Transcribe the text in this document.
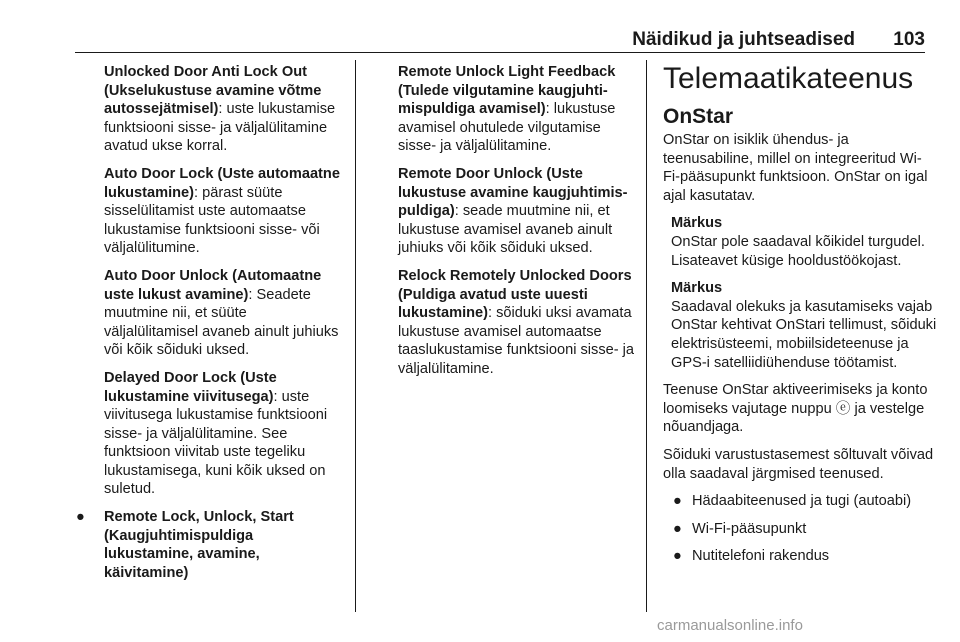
Näidikud ja juhtseadised 103

Unlocked Door Anti Lock Out (Ukselukustuse avamine võtme autossejätmisel): uste lukustamise funktsiooni sisse- ja väljalülitamine avatud ukse korral.

Auto Door Lock (Uste automaatne lukustamine): pärast süüte sisselülitamist uste automaatse lukustamise funktsiooni sisse- või väljalülitumine.

Auto Door Unlock (Automaatne uste lukust avamine): Seadete muutmine nii, et süüte väljalülitamisel avaneb ainult juhiuks või kõik sõiduki uksed.

Delayed Door Lock (Uste lukustamine viivitusega): uste viivitusega lukustamise funktsiooni sisse- ja väljalülitamine. See funktsioon viivitab uste tegeliku lukustamisega, kuni kõik uksed on suletud.

● Remote Lock, Unlock, Start (Kaugjuhtimispuldiga lukustamine, avamine, käivitamine)

Remote Unlock Light Feedback (Tulede vilgutamine kaugjuhtimispuldiga avamisel): lukustuse avamisel ohutulede vilgutamise sisse- ja väljalülitamine.

Remote Door Unlock (Uste lukustuse avamine kaugjuhtimispuldiga): seade muutmine nii, et lukustuse avamisel avaneb ainult juhiuks või kõik sõiduki uksed.

Relock Remotely Unlocked Doors (Puldiga avatud uste uuesti lukustamine): sõiduki uksi avamata lukustuse avamisel automaatse taaslukustamise funktsiooni sisse- ja väljalülitamine.

Telemaatikateenus
OnStar

OnStar on isiklik ühendus- ja teenusabiline, millel on integreeritud Wi-Fi-pääsupunkt funktsioon. OnStar on igal ajal kasutatav.

Märkus
OnStar pole saadaval kõikidel turgudel. Lisateavet küsige hooldustöökojast.
Märkus
Saadaval olekuks ja kasutamiseks vajab OnStar kehtivat OnStari tellimust, sõiduki elektrisüsteemi, mobiilsideteenuse ja GPS-i satelliidiühenduse töötamist.

Teenuse OnStar aktiveerimiseks ja konto loomiseks vajutage nuppu ⓔ ja vestelge nõuandjaga.

Sõiduki varustustasemest sõltuvalt võivad olla saadaval järgmised teenused.

● Hädaabiteenused ja tugi (autoabi)
● Wi-Fi-pääsupunkt
● Nutitelefoni rakendus
carmanualsonline.info
